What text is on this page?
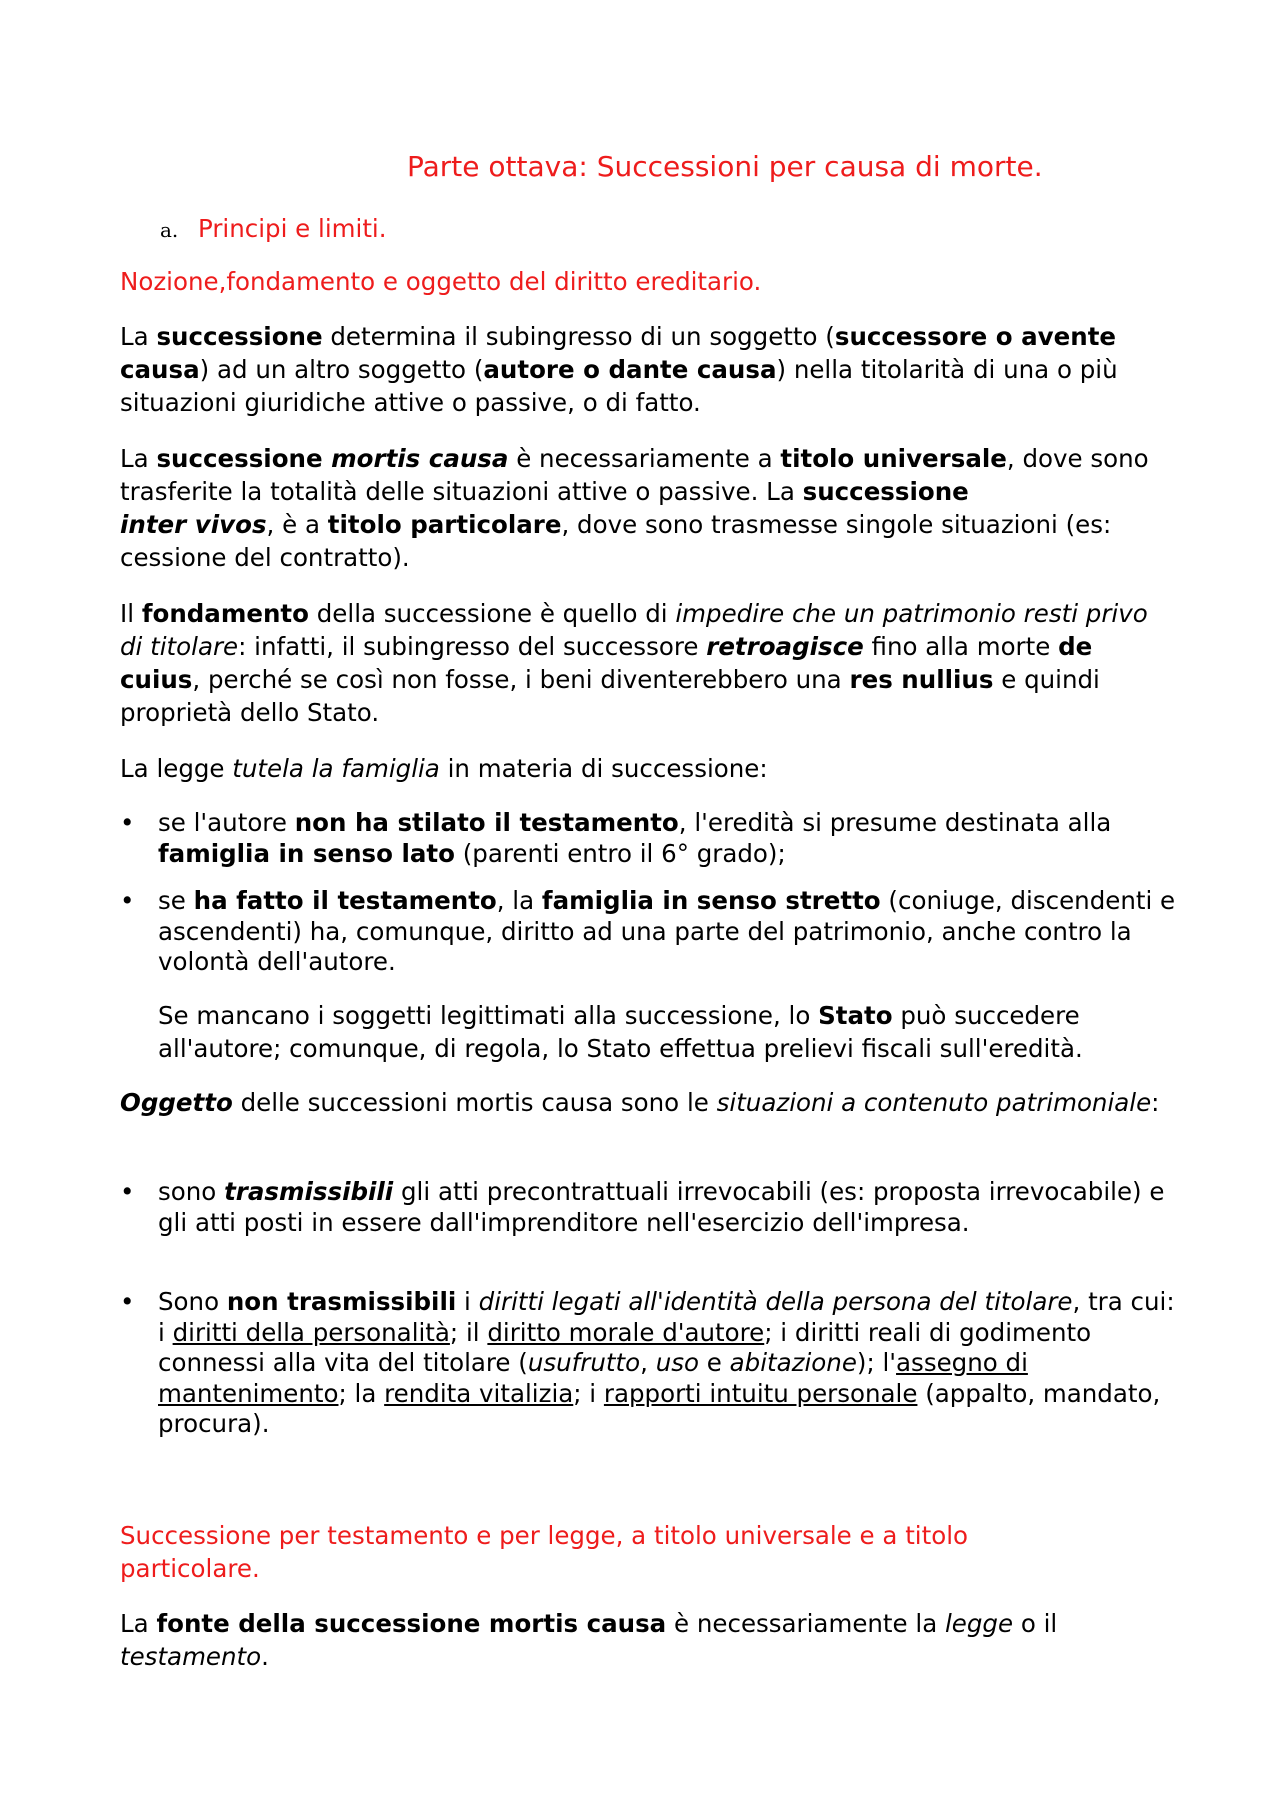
Parte ottava: Successioni per causa di morte.
a. Principi e limiti.
Nozione,fondamento e oggetto del diritto ereditario.
La successione determina il subingresso di un soggetto (successore o avente causa) ad un altro soggetto (autore o dante causa) nella titolarità di una o più situazioni giuridiche attive o passive, o di fatto.
La successione mortis causa è necessariamente a titolo universale, dove sono trasferite la totalità delle situazioni attive o passive. La successione
inter vivos, è a titolo particolare, dove sono trasmesse singole situazioni (es: cessione del contratto).
Il fondamento della successione è quello di impedire che un patrimonio resti privo di titolare: infatti, il subingresso del successore retroagisce fino alla morte de cuius, perché se così non fosse, i beni diventerebbero una res nullius e quindi proprietà dello Stato.
La legge tutela la famiglia in materia di successione:
• se l'autore non ha stilato il testamento, l'eredità si presume destinata alla famiglia in senso lato (parenti entro il 6° grado);
• se ha fatto il testamento, la famiglia in senso stretto (coniuge, discendenti e ascendenti) ha, comunque, diritto ad una parte del patrimonio, anche contro la volontà dell'autore.
Se mancano i soggetti legittimati alla successione, lo Stato può succedere all'autore; comunque, di regola, lo Stato effettua prelievi fiscali sull'eredità.
Oggetto delle successioni mortis causa sono le situazioni a contenuto patrimoniale:
• sono trasmissibili gli atti precontrattuali irrevocabili (es: proposta irrevocabile) e gli atti posti in essere dall'imprenditore nell'esercizio dell'impresa.
• Sono non trasmissibili i diritti legati all'identità della persona del titolare, tra cui: i diritti della personalità; il diritto morale d'autore; i diritti reali di godimento connessi alla vita del titolare (usufrutto, uso e abitazione); l'assegno di mantenimento; la rendita vitalizia; i rapporti intuitu personale (appalto, mandato, procura).
Successione per testamento e per legge, a titolo universale e a titolo particolare.
La fonte della successione mortis causa è necessariamente la legge o il testamento.
